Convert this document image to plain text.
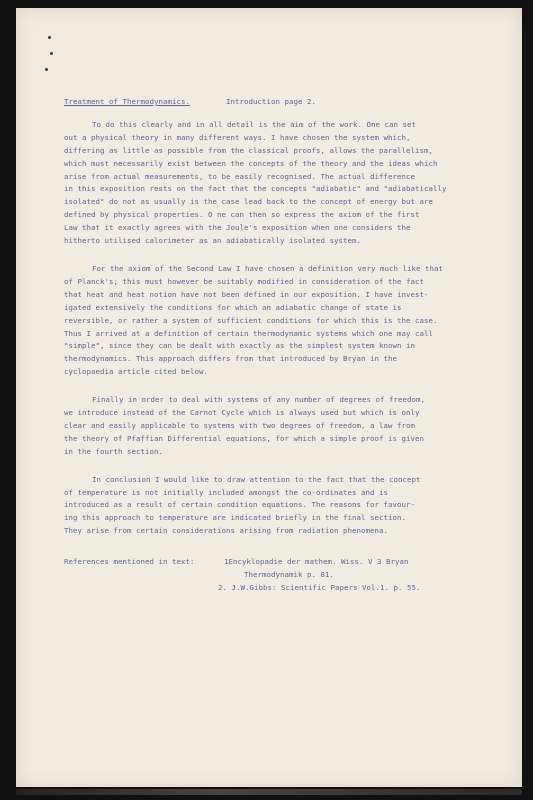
Treatment of Thermodynamics.	Introduction page 2.
To do this clearly and in all detail is the aim of the work. One can set
out a physical theory in many different ways. I have chosen the system which,
differing as little as possible from the classical proofs, allows the parallelism,
which must necessarily exist between the concepts of the theory and the ideas which
arise from actual measurements, to be easily recognised. The actual difference
in this exposition rests on the fact that the concepts "adiabatic" and "adiabatically
isolated" do not as usually is the case lead back to the concept of energy but are
defined by physical properties. O ne can then so express the axiom of the first
Law that it exactly agrees with the Joule's exposition when one considers the
hitherto utilised calorimeter as an adiabatically isolated system.
For the axiom of the Second Law I have chosen a definition very much like that
of Planck's; this must however be suitably modified in consideration of the fact
that heat and heat notion have not been defined in our exposition. I have invest-
igated extensively the conditions for which an adiabatic change of state is
reversible, or rather a system of sufficient conditions for which this is the case.
Thus I arrived at a definition of certain thermodynamic systems which one may call
"simple", since they can be dealt with exactly as the simplest system known in
thermodynamics. This approach differs from that introduced by Bryan in the
cyclopaedia article cited below.
Finally in order to deal with systems of any number of degrees of freedom,
we introduce instead of the Carnot Cycle which is always used but which is only
clear and easily applicable to systems with two degrees of freedom, a law from
the theory of Pfaffian Differential equations, for which a simple proof is given
in the fourth section.
In conclusion I would like to draw attention to the fact that the concept
of temperature is not initially included amongst the co-ordinates and is
introduced as a result of certain condition equations. The reasons for favour-
ing this approach to temperature are indicated briefly in the final section.
They arise from certain considerations arising from radiation phenomena.
References mentioned in text:	1Encyklopadie der mathem. Wiss. V 3 Bryan
Thermodynamik p. 81.
2. J.W.Gibbs: Scientific Papers Vol.1. p. 55.
